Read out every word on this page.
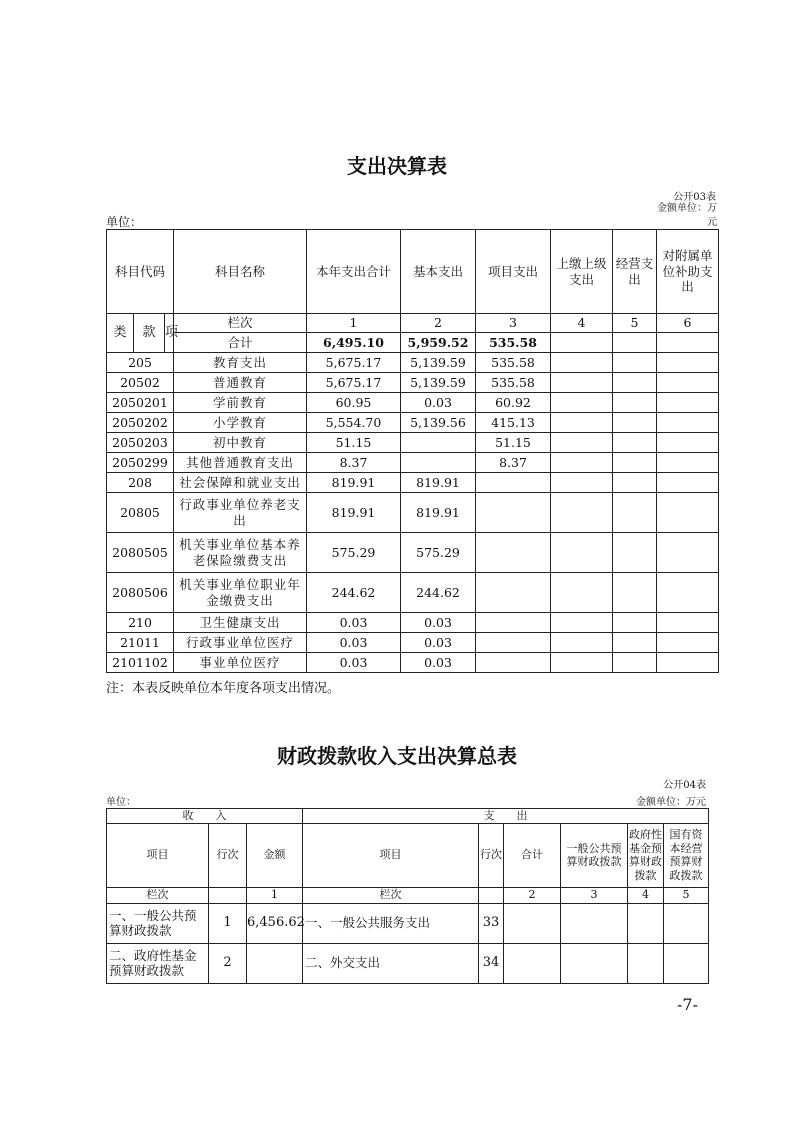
支出决算表
公开03表
金额单位：万元
单位：
科目代码	科目名称	本年支出合计	基本支出	项目支出	上缴上级支出	经营支出	对附属单位补助支出

类 款 项	栏次	1	2	3	4	5	6
	合计	6,495.10	5,959.52	535.58			
205	教育支出	5,675.17	5,139.59	535.58			
20502	普通教育	5,675.17	5,139.59	535.58			
2050201	学前教育	60.95	0.03	60.92			
2050202	小学教育	5,554.70	5,139.56	415.13			
2050203	初中教育	51.15		51.15			
2050299	其他普通教育支出	8.37		8.37			
208	社会保障和就业支出	819.91	819.91				
20805	行政事业单位养老支出	819.91	819.91				
2080505	机关事业单位基本养老保险缴费支出	575.29	575.29				
2080506	机关事业单位职业年金缴费支出	244.62	244.62				
210	卫生健康支出	0.03	0.03				
21011	行政事业单位医疗	0.03	0.03				
2101102	事业单位医疗	0.03	0.03				
注：本表反映单位本年度各项支出情况。
财政拨款收入支出决算总表
公开04表
单位：	金额单位：万元
收　　入			支　　出					
项目	行次	金额	项目	行次	合计	一般公共预算财政拨款	政府性基金预算财政拨款	国有资本经营预算财政拨款
栏次		1	栏次		2	3	4	5
一、一般公共预算财政拨款	1	6,456.62	一、一般公共服务支出	33				
二、政府性基金预算财政拨款	2		二、外交支出	34				
-7-
